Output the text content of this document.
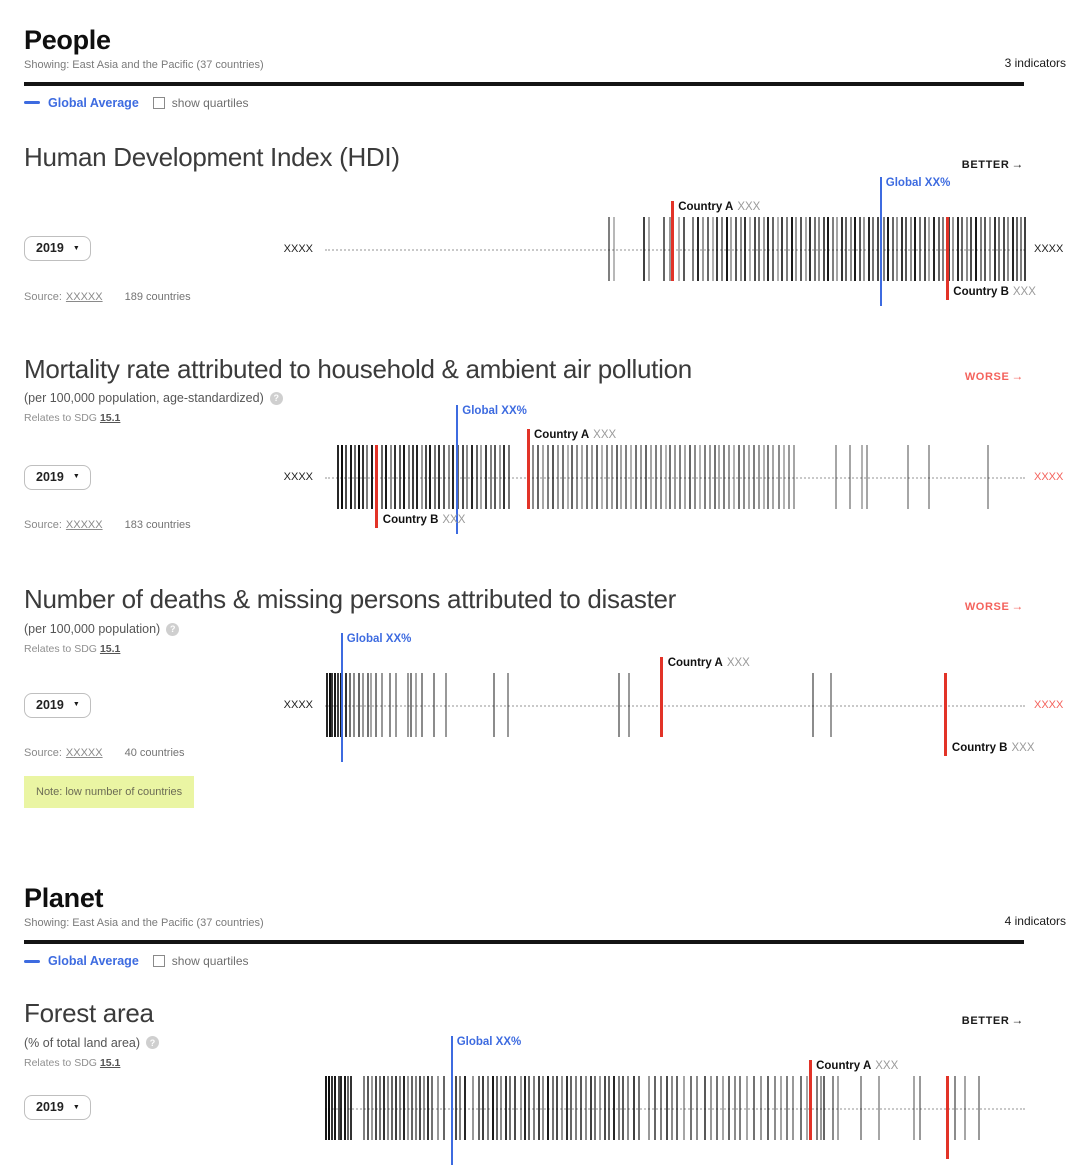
People
Showing: East Asia and the Pacific (37 countries)	3 indicators
Global Average	show quartiles
Human Development Index (HDI)	BETTER →
2019 ▼	XXXX
Global XX%
Country A XXX
Country B XXX
XXXX
Source: XXXXX 189 countries
Mortality rate attributed to household & ambient air pollution	WORSE →
(per 100,000 population, age-standardized)	?
Relates to SDG 15.1
2019 ▼	XXXX
Global XX%
Country A XXX
Country B XXX
XXXX
Source: XXXXX 183 countries
Number of deaths & missing persons attributed to disaster	WORSE →
(per 100,000 population)	?
Relates to SDG 15.1
2019 ▼	XXXX
Global XX%
Country A XXX
Country B XXX
XXXX
Source: XXXXX 40 countries
Note: low number of countries
Planet
Showing: East Asia and the Pacific (37 countries)	4 indicators
Global Average	show quartiles
Forest area	BETTER →
(% of total land area)	?
Relates to SDG 15.1
2019 ▼
Global XX%
Country A XXX
